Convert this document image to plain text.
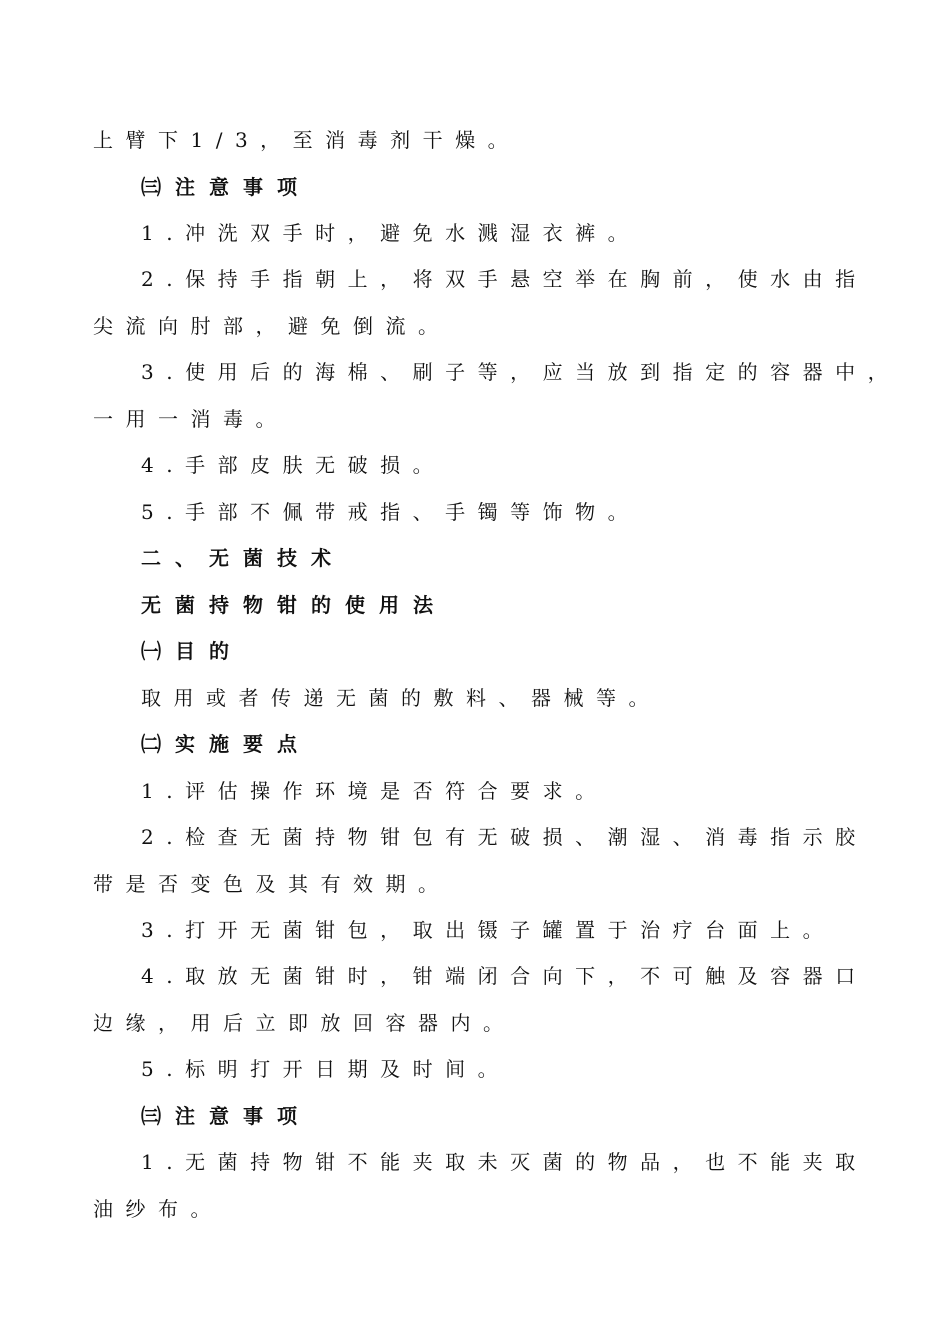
上臂下1/3，至消毒剂干燥。
㈢注意事项
1.冲洗双手时，避免水溅湿衣裤。
2.保持手指朝上，将双手悬空举在胸前，使水由指
尖流向肘部，避免倒流。
3.使用后的海棉、刷子等，应当放到指定的容器中，
一用一消毒。
4.手部皮肤无破损。
5.手部不佩带戒指、手镯等饰物。
二、无菌技术
无菌持物钳的使用法
㈠目的
取用或者传递无菌的敷料、器械等。
㈡实施要点
1.评估操作环境是否符合要求。
2.检查无菌持物钳包有无破损、潮湿、消毒指示胶
带是否变色及其有效期。
3.打开无菌钳包，取出镊子罐置于治疗台面上。
4.取放无菌钳时，钳端闭合向下，不可触及容器口
边缘，用后立即放回容器内。
5.标明打开日期及时间。
㈢注意事项
1.无菌持物钳不能夹取未灭菌的物品，也不能夹取
油纱布。
